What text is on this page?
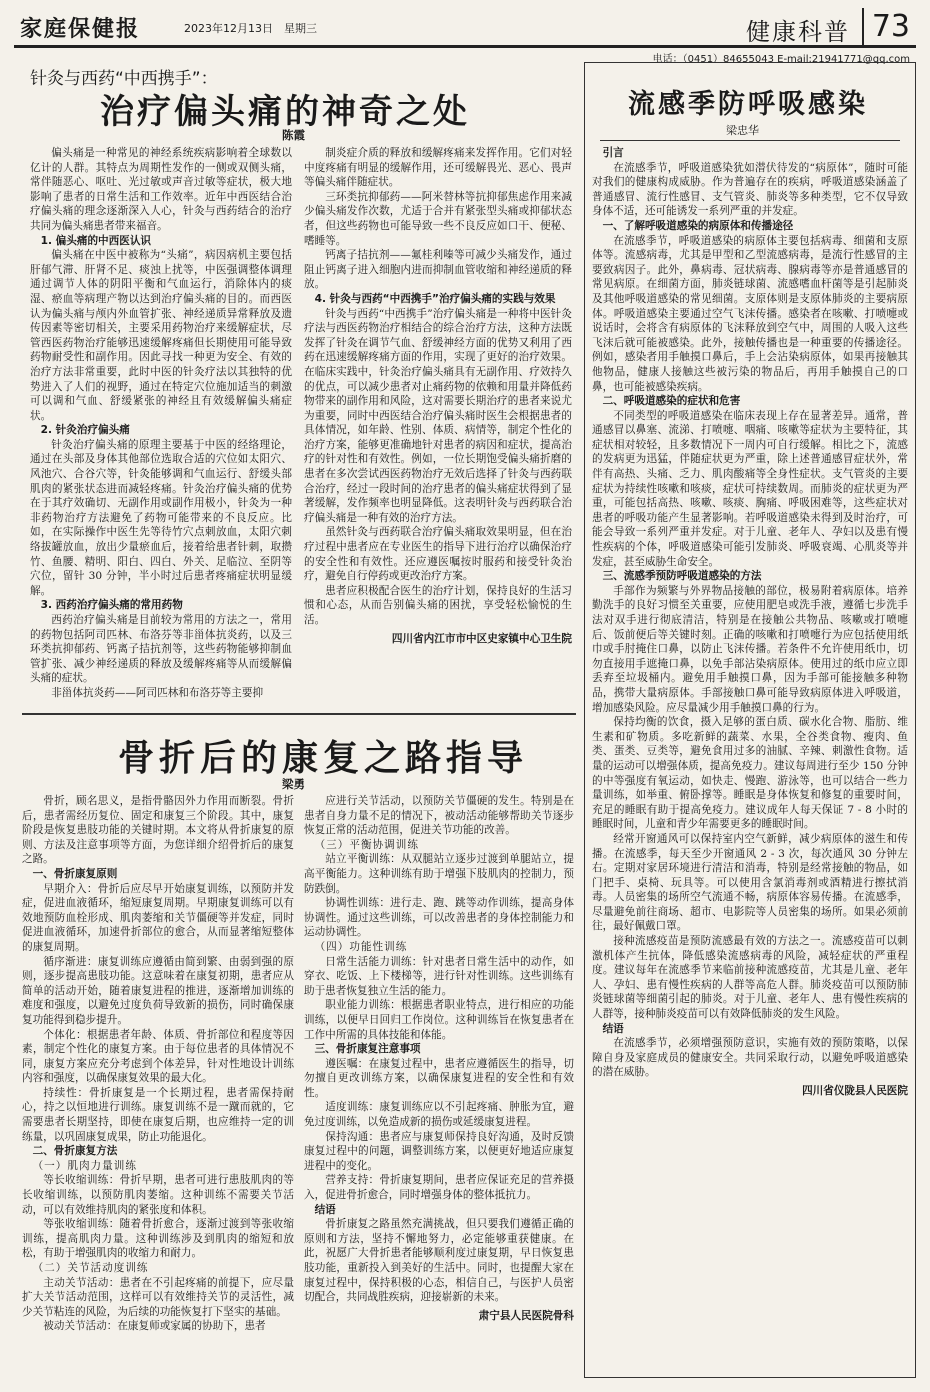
家庭保健报	2023年12月13日 星期三	健康科普 73
电话：（0451）84655043 E-mail:21941771@qq.com
针灸与西药“中西携手”：
治疗偏头痛的神奇之处
陈霞
偏头痛是一种常见的神经系统疾病影响着全球数以亿计的人群。其特点为周期性发作的一侧或双侧头痛，常伴随恶心、呕吐、光过敏或声音过敏等症状，极大地影响了患者的日常生活和工作效率。近年中西医结合治疗偏头痛的理念逐渐深入人心，针灸与西药结合的治疗共同为偏头痛患者带来福音。
1. 偏头痛的中西医认识
偏头痛在中医中被称为“头痛”，病因病机主要包括肝郁气滞、肝肾不足、痰浊上扰等，中医强调整体调理通过调节人体的阴阳平衡和气血运行，消除体内的痰湿、瘀血等病理产物以达到治疗偏头痛的目的。而西医认为偏头痛与颅内外血管扩张、神经递质异常释放及遗传因素等密切相关，主要采用药物治疗来缓解症状，尽管西医药物治疗能够迅速缓解疼痛但长期使用可能导致药物耐受性和副作用。因此寻找一种更为安全、有效的治疗方法非常重要，此时中医的针灸疗法以其独特的优势进入了人们的视野，通过在特定穴位施加适当的刺激可以调和气血、舒缓紧张的神经且有效缓解偏头痛症状。
2. 针灸治疗偏头痛
针灸治疗偏头痛的原理主要基于中医的经络理论，通过在头部及身体其他部位选取合适的穴位如太阳穴、风池穴、合谷穴等，针灸能够调和气血运行、舒缓头部肌肉的紧张状态进而减轻疼痛。针灸治疗偏头痛的优势在于其疗效确切、无副作用或副作用极小，针灸为一种非药物治疗方法避免了药物可能带来的不良反应。比如，在实际操作中医生先等待竹穴点刺放血，太阳穴刺络拔罐放血，放出少量瘀血后，接着给患者针刺，取攒竹、鱼腰、精明、阳白、四白、外关、足临泣、至阴等穴位，留针 30 分钟，半小时过后患者疼痛症状明显缓解。
3. 西药治疗偏头痛的常用药物
西药治疗偏头痛是目前较为常用的方法之一，常用的药物包括阿司匹林、布洛芬等非甾体抗炎药，以及三环类抗抑郁药、钙离子拮抗剂等，这些药物能够抑制血管扩张、减少神经递质的释放及缓解疼痛等从而缓解偏头痛的症状。
非甾体抗炎药——阿司匹林和布洛芬等主要抑
制炎症介质的释放和缓解疼痛来发挥作用。它们对轻中度疼痛有明显的缓解作用，还可缓解畏光、恶心、畏声等偏头痛伴随症状。
三环类抗抑郁药——阿米替林等抗抑郁焦虑作用来减少偏头痛发作次数，尤适于合并有紧张型头痛或抑郁状态者，但这些药物也可能导致一些不良反应如口干、便秘、嗜睡等。
钙离子拮抗剂——氟桂利嗪等可减少头痛发作，通过阻止钙离子进入细胞内进而抑制血管收缩和神经递质的释放。
4. 针灸与西药“中西携手”治疗偏头痛的实践与效果
针灸与西药“中西携手”治疗偏头痛是一种将中医针灸疗法与西医药物治疗相结合的综合治疗方法，这种方法既发挥了针灸在调节气血、舒缓神经方面的优势又利用了西药在迅速缓解疼痛方面的作用，实现了更好的治疗效果。在临床实践中，针灸治疗偏头痛具有无副作用、疗效持久的优点，可以减少患者对止痛药物的依赖和用量并降低药物带来的副作用和风险，这对需要长期治疗的患者来说尤为重要，同时中西医结合治疗偏头痛时医生会根据患者的具体情况，如年龄、性别、体质、病情等，制定个性化的治疗方案，能够更准确地针对患者的病因和症状，提高治疗的针对性和有效性。例如，一位长期饱受偏头痛折磨的患者在多次尝试西医药物治疗无效后选择了针灸与西药联合治疗，经过一段时间的治疗患者的偏头痛症状得到了显著缓解，发作频率也明显降低。这表明针灸与西药联合治疗偏头痛是一种有效的治疗方法。
虽然针灸与西药联合治疗偏头痛取效果明显，但在治疗过程中患者应在专业医生的指导下进行治疗以确保治疗的安全性和有效性。还应遵医嘱按时服药和接受针灸治疗，避免自行停药或更改治疗方案。
患者应积极配合医生的治疗计划，保持良好的生活习惯和心态，从而告别偏头痛的困扰，享受轻松愉悦的生活。
四川省内江市市中区史家镇中心卫生院
骨折后的康复之路指导
梁勇
骨折，顾名思义，是指骨骼因外力作用而断裂。骨折后，患者需经历复位、固定和康复三个阶段。其中，康复阶段是恢复患肢功能的关键时期。本文将从骨折康复的原则、方法及注意事项等方面，为您详细介绍骨折后的康复之路。
一、骨折康复原则
早期介入：骨折后应尽早开始康复训练，以预防并发症，促进血液循环，缩短康复周期。早期康复训练可以有效地预防血栓形成、肌肉萎缩和关节僵硬等并发症，同时促进血液循环，加速骨折部位的愈合，从而显著缩短整体的康复周期。
循序渐进：康复训练应遵循由简到繁、由弱到强的原则，逐步提高患肢功能。这意味着在康复初期，患者应从简单的活动开始，随着康复进程的推进，逐渐增加训练的难度和强度，以避免过度负荷导致新的损伤，同时确保康复功能得到稳步提升。
个体化：根据患者年龄、体质、骨折部位和程度等因素，制定个性化的康复方案。由于每位患者的具体情况不同，康复方案应充分考虑到个体差异，针对性地设计训练内容和强度，以确保康复效果的最大化。
持续性：骨折康复是一个长期过程，患者需保持耐心，持之以恒地进行训练。康复训练不是一蹴而就的，它需要患者长期坚持，即使在康复后期，也应维持一定的训练量，以巩固康复成果，防止功能退化。
二、骨折康复方法
（一）肌肉力量训练
等长收缩训练：骨折早期，患者可进行患肢肌肉的等长收缩训练，以预防肌肉萎缩。这种训练不需要关节活动，可以有效维持肌肉的紧张度和体积。
等张收缩训练：随着骨折愈合，逐渐过渡到等张收缩训练，提高肌肉力量。这种训练涉及到肌肉的缩短和放松，有助于增强肌肉的收缩力和耐力。
（二）关节活动度训练
主动关节活动：患者在不引起疼痛的前提下，应尽量扩大关节活动范围，这样可以有效维持关节的灵活性，减少关节粘连的风险，为后续的功能恢复打下坚实的基础。
被动关节活动：在康复师或家属的协助下，患者
应进行关节活动，以预防关节僵硬的发生。特别是在患者自身力量不足的情况下，被动活动能够帮助关节逐步恢复正常的活动范围，促进关节功能的改善。
（三）平衡协调训练
站立平衡训练：从双腿站立逐步过渡到单腿站立，提高平衡能力。这种训练有助于增强下肢肌肉的控制力，预防跌倒。
协调性训练：进行走、跑、跳等动作训练，提高身体协调性。通过这些训练，可以改善患者的身体控制能力和运动协调性。
（四）功能性训练
日常生活能力训练：针对患者日常生活中的动作，如穿衣、吃饭、上下楼梯等，进行针对性训练。这些训练有助于患者恢复独立生活的能力。
职业能力训练：根据患者职业特点，进行相应的功能训练，以便早日回归工作岗位。这种训练旨在恢复患者在工作中所需的具体技能和体能。
三、骨折康复注意事项
遵医嘱：在康复过程中，患者应遵循医生的指导，切勿擅自更改训练方案，以确保康复进程的安全性和有效性。
适度训练：康复训练应以不引起疼痛、肿胀为宜，避免过度训练，以免造成新的损伤或延缓康复进程。
保持沟通：患者应与康复师保持良好沟通，及时反馈康复过程中的问题，调整训练方案，以便更好地适应康复进程中的变化。
营养支持：骨折康复期间，患者应保证充足的营养摄入，促进骨折愈合，同时增强身体的整体抵抗力。
结语
骨折康复之路虽然充满挑战，但只要我们遵循正确的原则和方法，坚持不懈地努力，必定能够重获健康。在此，祝愿广大骨折患者能够顺利度过康复期，早日恢复患肢功能，重新投入到美好的生活中。同时，也提醒大家在康复过程中，保持积极的心态，相信自己，与医护人员密切配合，共同战胜疾病，迎接崭新的未来。
肃宁县人民医院骨科
流感季防呼吸感染
梁忠华
引言
在流感季节，呼吸道感染犹如潜伏待发的“病原体”，随时可能对我们的健康构成威胁。作为普遍存在的疾病，呼吸道感染涵盖了普通感冒、流行性感冒、支气管炎、肺炎等多种类型，它不仅导致身体不适，还可能诱发一系列严重的并发症。
一、了解呼吸道感染的病原体和传播途径
在流感季节，呼吸道感染的病原体主要包括病毒、细菌和支原体等。流感病毒，尤其是甲型和乙型流感病毒，是流行性感冒的主要致病因子。此外，鼻病毒、冠状病毒、腺病毒等亦是普通感冒的常见病原。在细菌方面，肺炎链球菌、流感嗜血杆菌等是引起肺炎及其他呼吸道感染的常见细菌。支原体则是支原体肺炎的主要病原体。呼吸道感染主要通过空气飞沫传播。感染者在咳嗽、打喷嚏或说话时，会将含有病原体的飞沫释放到空气中，周围的人吸入这些飞沫后就可能被感染。此外，接触传播也是一种重要的传播途径。例如，感染者用手触摸口鼻后，手上会沾染病原体，如果再接触其他物品，健康人接触这些被污染的物品后，再用手触摸自己的口鼻，也可能被感染疾病。
二、呼吸道感染的症状和危害
不同类型的呼吸道感染在临床表现上存在显著差异。通常，普通感冒以鼻塞、流涕、打喷嚏、咽痛、咳嗽等症状为主要特征，其症状相对较轻，且多数情况下一周内可自行缓解。相比之下，流感的发病更为迅猛，伴随症状更为严重，除上述普通感冒症状外，常伴有高热、头痛、乏力、肌肉酸痛等全身性症状。支气管炎的主要症状为持续性咳嗽和咳痰，症状可持续数周。而肺炎的症状更为严重，可能包括高热、咳嗽、咳痰、胸痛、呼吸困难等，这些症状对患者的呼吸功能产生显著影响。若呼吸道感染未得到及时治疗，可能会导致一系列严重并发症。对于儿童、老年人、孕妇以及患有慢性疾病的个体，呼吸道感染可能引发肺炎、呼吸衰竭、心肌炎等并发症，甚至威胁生命安全。
三、流感季预防呼吸道感染的方法
手部作为频繁与外界物品接触的部位，极易附着病原体。培养勤洗手的良好习惯至关重要，应使用肥皂或洗手液，遵循七步洗手法对双手进行彻底清洁，特别是在接触公共物品、咳嗽或打喷嚏后、饭前便后等关键时刻。正确的咳嗽和打喷嚏行为应包括使用纸巾或手肘掩住口鼻，以防止飞沫传播。若条件不允许使用纸巾，切勿直接用手遮掩口鼻，以免手部沾染病原体。使用过的纸巾应立即丢弃至垃圾桶内。避免用手触摸口鼻，因为手部可能接触多种物品，携带大量病原体。手部接触口鼻可能导致病原体进入呼吸道，增加感染风险。应尽量减少用手触摸口鼻的行为。
保持均衡的饮食，摄入足够的蛋白质、碳水化合物、脂肪、维生素和矿物质。多吃新鲜的蔬菜、水果，全谷类食物、瘦肉、鱼类、蛋类、豆类等，避免食用过多的油腻、辛辣、刺激性食物。适量的运动可以增强体质，提高免疫力。建议每周进行至少 150 分钟的中等强度有氧运动，如快走、慢跑、游泳等，也可以结合一些力量训练，如举重、俯卧撑等。睡眠是身体恢复和修复的重要时间，充足的睡眠有助于提高免疫力。建议成年人每天保证 7 - 8 小时的睡眠时间，儿童和青少年需要更多的睡眠时间。
经常开窗通风可以保持室内空气新鲜，减少病原体的滋生和传播。在流感季，每天至少开窗通风 2 - 3 次，每次通风 30 分钟左右。定期对家居环境进行清洁和消毒，特别是经常接触的物品，如门把手、桌椅、玩具等。可以使用含氯消毒剂或酒精进行擦拭消毒。人员密集的场所空气流通不畅，病原体容易传播。在流感季，尽量避免前往商场、超市、电影院等人员密集的场所。如果必须前往，最好佩戴口罩。
接种流感疫苗是预防流感最有效的方法之一。流感疫苗可以刺激机体产生抗体，降低感染流感病毒的风险，减轻症状的严重程度。建议每年在流感季节来临前接种流感疫苗，尤其是儿童、老年人、孕妇、患有慢性疾病的人群等高危人群。肺炎疫苗可以预防肺炎链球菌等细菌引起的肺炎。对于儿童、老年人、患有慢性疾病的人群等，接种肺炎疫苗可以有效降低肺炎的发生风险。
结语
在流感季节，必须增强预防意识，实施有效的预防策略，以保障自身及家庭成员的健康安全。共同采取行动，以避免呼吸道感染的潜在威胁。
四川省仪陇县人民医院
